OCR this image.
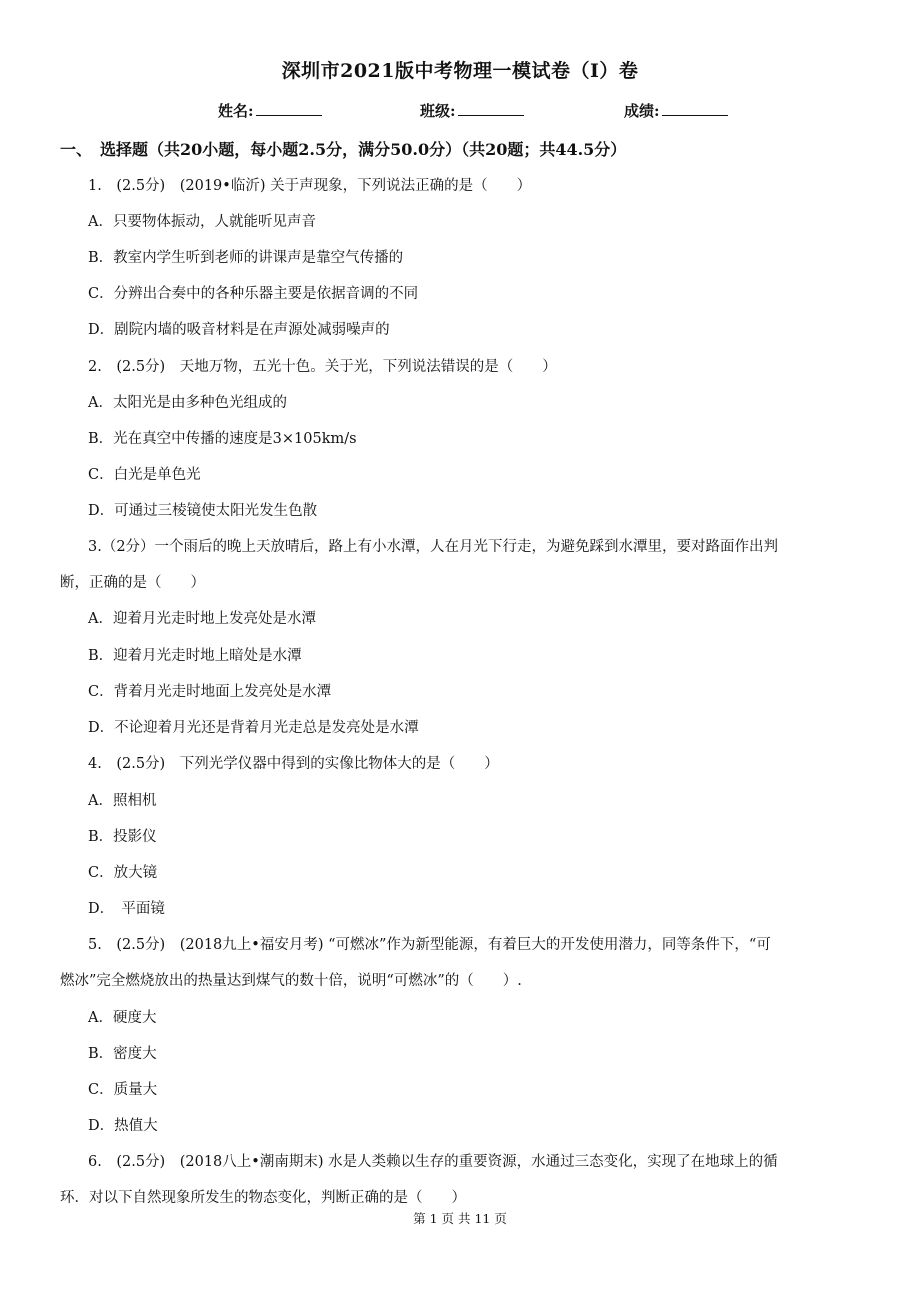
深圳市2021版中考物理一模试卷（I）卷
姓名:	班级:	成绩:
一、　选择题（共20小题，每小题2.5分，满分50.0分）（共20题；共44.5分）
1.　(2.5分)　(2019•临沂) 关于声现象，下列说法正确的是（　　）
A．只要物体振动，人就能听见声音
B．教室内学生听到老师的讲课声是靠空气传播的
C．分辨出合奏中的各种乐器主要是依据音调的不同
D．剧院内墙的吸音材料是在声源处减弱噪声的
2.　(2.5分)　天地万物，五光十色。关于光，下列说法错误的是（　　）
A．太阳光是由多种色光组成的
B．光在真空中传播的速度是3×105km/s
C．白光是单色光
D．可通过三棱镜使太阳光发生色散
3.（2分）一个雨后的晚上天放晴后，路上有小水潭，人在月光下行走，为避免踩到水潭里，要对路面作出判
断，正确的是（　　）
A．迎着月光走时地上发亮处是水潭
B．迎着月光走时地上暗处是水潭
C．背着月光走时地面上发亮处是水潭
D．不论迎着月光还是背着月光走总是发亮处是水潭
4.　(2.5分)　下列光学仪器中得到的实像比物体大的是（　　）
A．照相机
B．投影仪
C．放大镜
D．　平面镜
5.　(2.5分)　(2018九上•福安月考) “可燃冰”作为新型能源，有着巨大的开发使用潜力，同等条件下，“可
燃冰”完全燃烧放出的热量达到煤气的数十倍，说明“可燃冰”的（　　）.
A．硬度大
B．密度大
C．质量大
D．热值大
6.　(2.5分)　(2018八上•潮南期末) 水是人类赖以生存的重要资源，水通过三态变化，实现了在地球上的循
环．对以下自然现象所发生的物态变化，判断正确的是（　　）
第 1 页 共 11 页
